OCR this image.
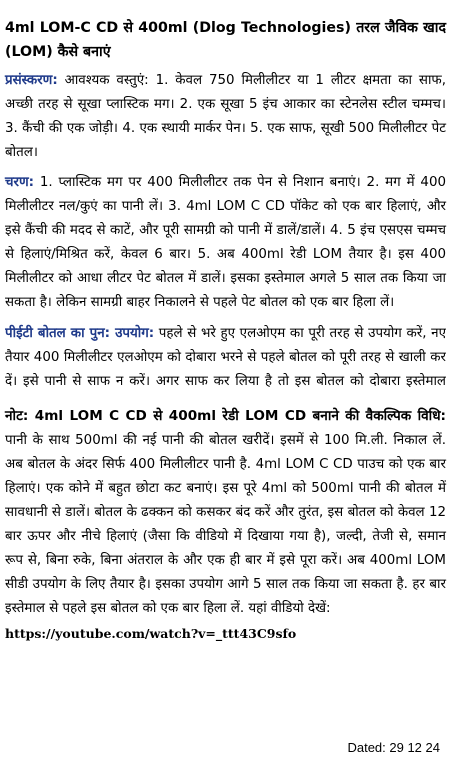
4ml LOM-C CD से 400ml (Dlog Technologies) तरल जैविक खाद (LOM) कैसे बनाएं

प्रसंस्करण: आवश्यक वस्तुएं: 1. केवल 750 मिलीलीटर या 1 लीटर क्षमता का साफ, अच्छी तरह से सूखा प्लास्टिक मग। 2. एक सूखा 5 इंच आकार का स्टेनलेस स्टील चम्मच। 3. कैंची की एक जोड़ी। 4. एक स्थायी मार्कर पेन। 5. एक साफ, सूखी 500 मिलीलीटर पेट बोतल।

चरण: 1. प्लास्टिक मग पर 400 मिलीलीटर तक पेन से निशान बनाएं। 2. मग में 400 मिलीलीटर नल/कुएं का पानी लें। 3. 4ml LOM C CD पॉकेट को एक बार हिलाएं, और इसे कैंची की मदद से काटें, और पूरी सामग्री को पानी में डालें/डालें। 4. 5 इंच एसएस चम्मच से हिलाएं/मिश्रित करें, केवल 6 बार। 5. अब 400ml रेडी LOM तैयार है। इस 400 मिलीलीटर को आधा लीटर पेट बोतल में डालें। इसका इस्तेमाल अगले 5 साल तक किया जा सकता है। लेकिन सामग्री बाहर निकालने से पहले पेट बोतल को एक बार हिला लें।

पीईटी बोतल का पुन: उपयोग: पहले से भरे हुए एलओएम का पूरी तरह से उपयोग करें, नए तैयार 400 मिलीलीटर एलओएम को दोबारा भरने से पहले बोतल को पूरी तरह से खाली कर दें। इसे पानी से साफ न करें। अगर साफ कर लिया है तो इस बोतल को दोबारा इस्तेमाल

नोट: 4ml LOM C CD से 400ml रेडी LOM CD बनाने की वैकल्पिक विधि: पानी के साथ 500ml की नई पानी की बोतल खरीदें। इसमें से 100 मि.ली. निकाल लें. अब बोतल के अंदर सिर्फ 400 मिलीलीटर पानी है. 4ml LOM C CD पाउच को एक बार हिलाएं। एक कोने में बहुत छोटा कट बनाएं। इस पूरे 4ml को 500ml पानी की बोतल में सावधानी से डालें। बोतल के ढक्कन को कसकर बंद करें और तुरंत, इस बोतल को केवल 12 बार ऊपर और नीचे हिलाएं (जैसा कि वीडियो में दिखाया गया है), जल्दी, तेजी से, समान रूप से, बिना रुके, बिना अंतराल के और एक ही बार में इसे पूरा करें। अब 400ml LOM सीडी उपयोग के लिए तैयार है। इसका उपयोग आगे 5 साल तक किया जा सकता है. हर बार इस्तेमाल से पहले इस बोतल को एक बार हिला लें. यहां वीडियो देखें:

https://youtube.com/watch?v=_ttt43C9sfo
Dated: 29 12 24
